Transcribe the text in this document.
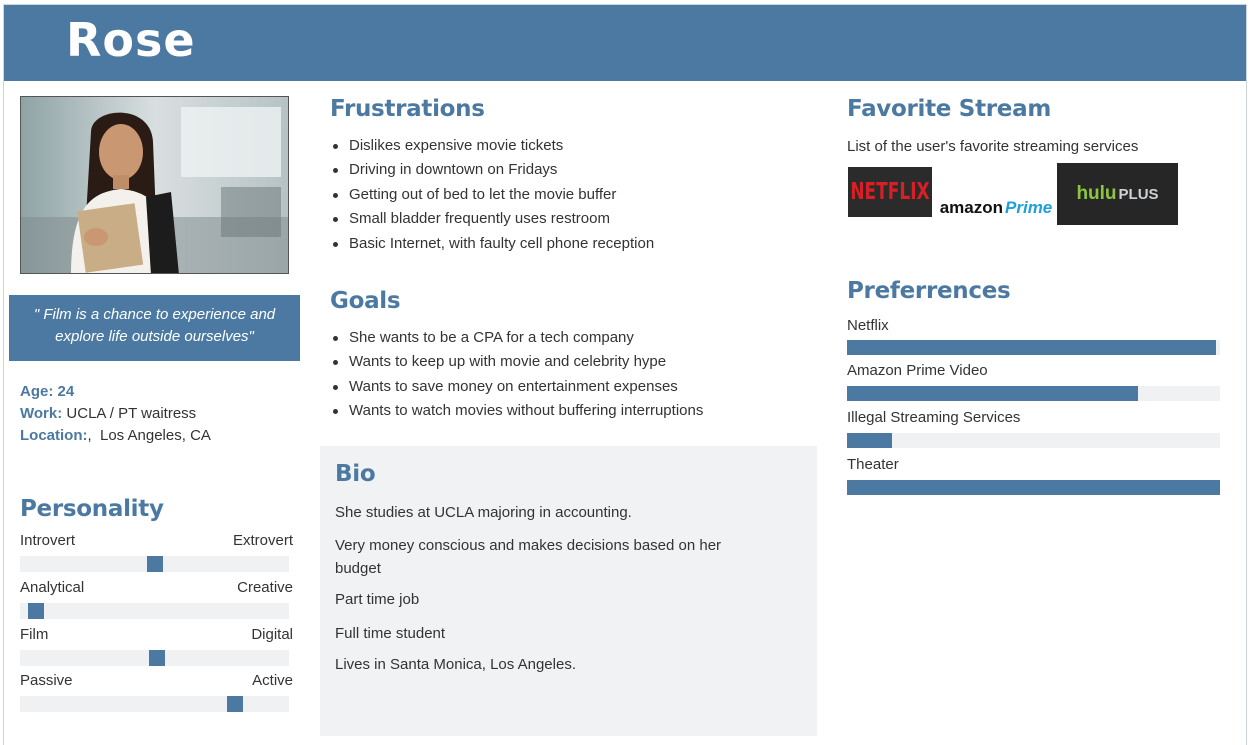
Rose
" Film is a chance to experience and explore life outside ourselves"
Age: 24
Work: UCLA / PT waitress
Location:,  Los Angeles, CA
Personality
Introvert	Extrovert
Analytical	Creative
Film	Digital
Passive	Active
Frustrations
Dislikes expensive movie tickets
Driving in downtown on Fridays
Getting out of bed to let the movie buffer
Small bladder frequently uses restroom
Basic Internet, with faulty cell phone reception
Goals
She wants to be a CPA for a tech company
Wants to keep up with movie and celebrity hype
Wants to save money on entertainment expenses
Wants to watch movies without buffering interruptions
Bio
She studies at UCLA majoring in accounting.
Very money conscious and makes decisions based on her budget
Part time job
Full time student
Lives in Santa Monica, Los Angeles.
Favorite Stream
List of the user's favorite streaming services
NETFLIX
amazon Prime
hulu PLUS
Preferrences
Netflix
Amazon Prime Video
Illegal Streaming Services
Theater
